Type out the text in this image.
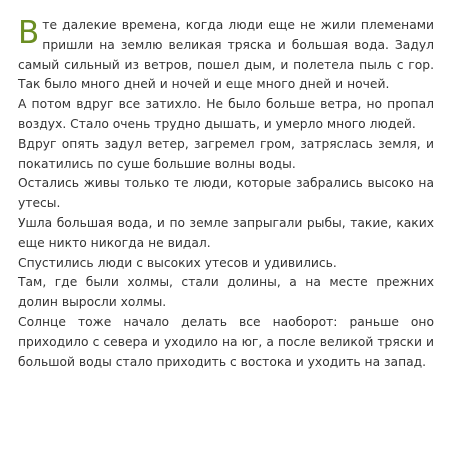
В те далекие времена, когда люди еще не жили племенами пришли на землю великая тряска и большая вода. Задул самый сильный из ветров, пошел дым, и полетела пыль с гор. Так было много дней и ночей и еще много дней и ночей.

А потом вдруг все затихло. Не было больше ветра, но пропал воздух. Стало очень трудно дышать, и умерло много людей.

Вдруг опять задул ветер, загремел гром, затряслась земля, и покатились по суше большие волны воды.

Остались живы только те люди, которые забрались высоко на утесы.

Ушла большая вода, и по земле запрыгали рыбы, такие, каких еще никто никогда не видал.

Спустились люди с высоких утесов и удивились.

Там, где были холмы, стали долины, а на месте прежних долин выросли холмы.

Солнце тоже начало делать все наоборот: раньше оно приходило с севера и уходило на юг, а после великой тряски и большой воды стало приходить с востока и уходить на запад.
